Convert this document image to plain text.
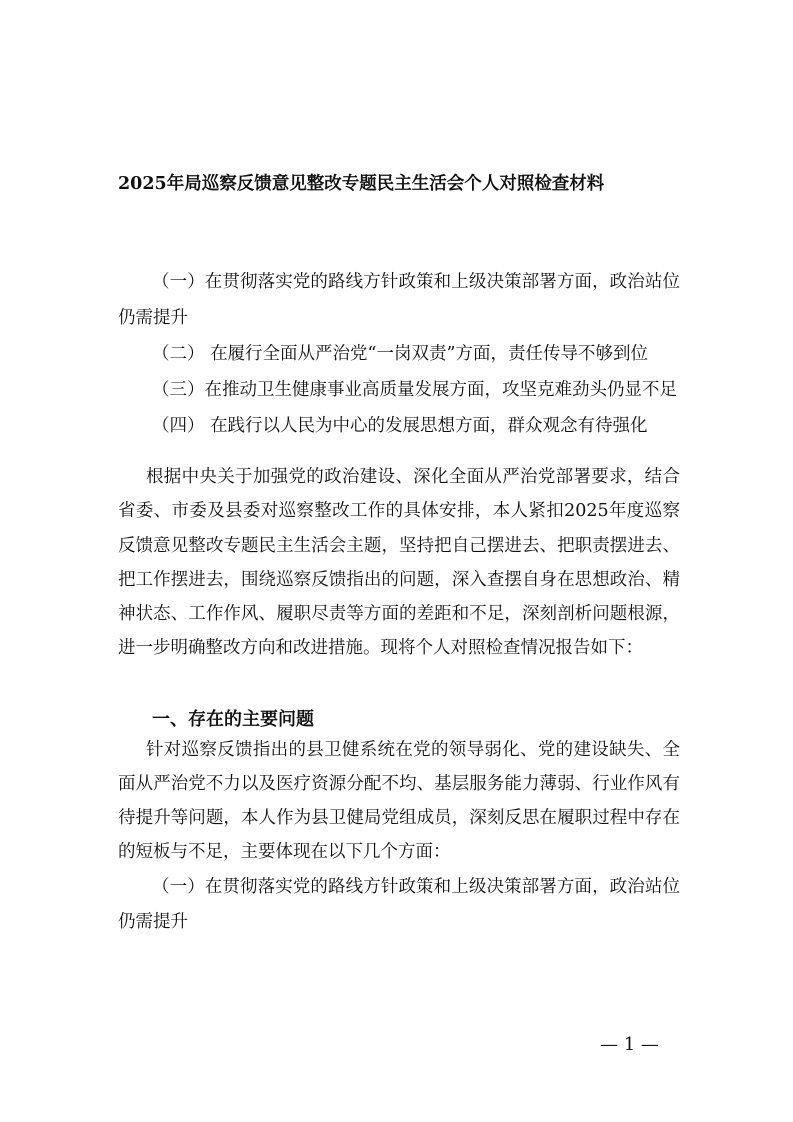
2025年局巡察反馈意见整改专题民主生活会个人对照检查材料
（一）在贯彻落实党的路线方针政策和上级决策部署方面，政治站位
仍需提升
（二） 在履行全面从严治党“一岗双责”方面，责任传导不够到位
（三）在推动卫生健康事业高质量发展方面，攻坚克难劲头仍显不足
（四） 在践行以人民为中心的发展思想方面，群众观念有待强化
根据中央关于加强党的政治建设、深化全面从严治党部署要求，结合
省委、市委及县委对巡察整改工作的具体安排，本人紧扣2025年度巡察
反馈意见整改专题民主生活会主题，坚持把自己摆进去、把职责摆进去、
把工作摆进去，围绕巡察反馈指出的问题，深入查摆自身在思想政治、精
神状态、工作作风、履职尽责等方面的差距和不足，深刻剖析问题根源，
进一步明确整改方向和改进措施。现将个人对照检查情况报告如下：
一、存在的主要问题
针对巡察反馈指出的县卫健系统在党的领导弱化、党的建设缺失、全
面从严治党不力以及医疗资源分配不均、基层服务能力薄弱、行业作风有
待提升等问题，本人作为县卫健局党组成员，深刻反思在履职过程中存在
的短板与不足，主要体现在以下几个方面：
（一）在贯彻落实党的路线方针政策和上级决策部署方面，政治站位
仍需提升
— 1 —
